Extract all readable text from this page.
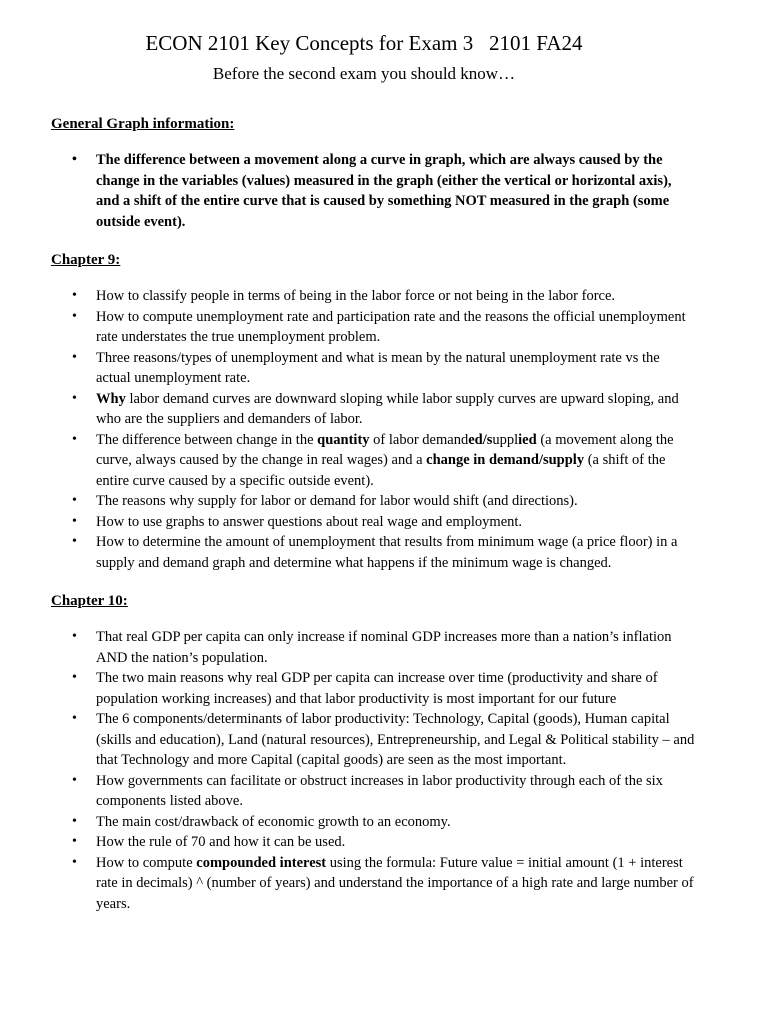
ECON 2101 Key Concepts for Exam 3   2101 FA24
Before the second exam you should know…
General Graph information:
• The difference between a movement along a curve in graph, which are always caused by the change in the variables (values) measured in the graph (either the vertical or horizontal axis), and a shift of the entire curve that is caused by something NOT measured in the graph (some outside event).
Chapter 9:
• How to classify people in terms of being in the labor force or not being in the labor force.
• How to compute unemployment rate and participation rate and the reasons the official unemployment rate understates the true unemployment problem.
• Three reasons/types of unemployment and what is mean by the natural unemployment rate vs the actual unemployment rate.
• Why labor demand curves are downward sloping while labor supply curves are upward sloping, and who are the suppliers and demanders of labor.
• The difference between change in the quantity of labor demanded/supplied (a movement along the curve, always caused by the change in real wages) and a change in demand/supply (a shift of the entire curve caused by a specific outside event).
• The reasons why supply for labor or demand for labor would shift (and directions).
• How to use graphs to answer questions about real wage and employment.
• How to determine the amount of unemployment that results from minimum wage (a price floor) in a supply and demand graph and determine what happens if the minimum wage is changed.
Chapter 10:
• That real GDP per capita can only increase if nominal GDP increases more than a nation’s inflation AND the nation’s population.
• The two main reasons why real GDP per capita can increase over time (productivity and share of population working increases) and that labor productivity is most important for our future
• The 6 components/determinants of labor productivity: Technology, Capital (goods), Human capital (skills and education), Land (natural resources), Entrepreneurship, and Legal & Political stability – and that Technology and more Capital (capital goods) are seen as the most important.
• How governments can facilitate or obstruct increases in labor productivity through each of the six components listed above.
• The main cost/drawback of economic growth to an economy.
• How the rule of 70 and how it can be used.
• How to compute compounded interest using the formula: Future value = initial amount (1 + interest rate in decimals) ^ (number of years) and understand the importance of a high rate and large number of years.
